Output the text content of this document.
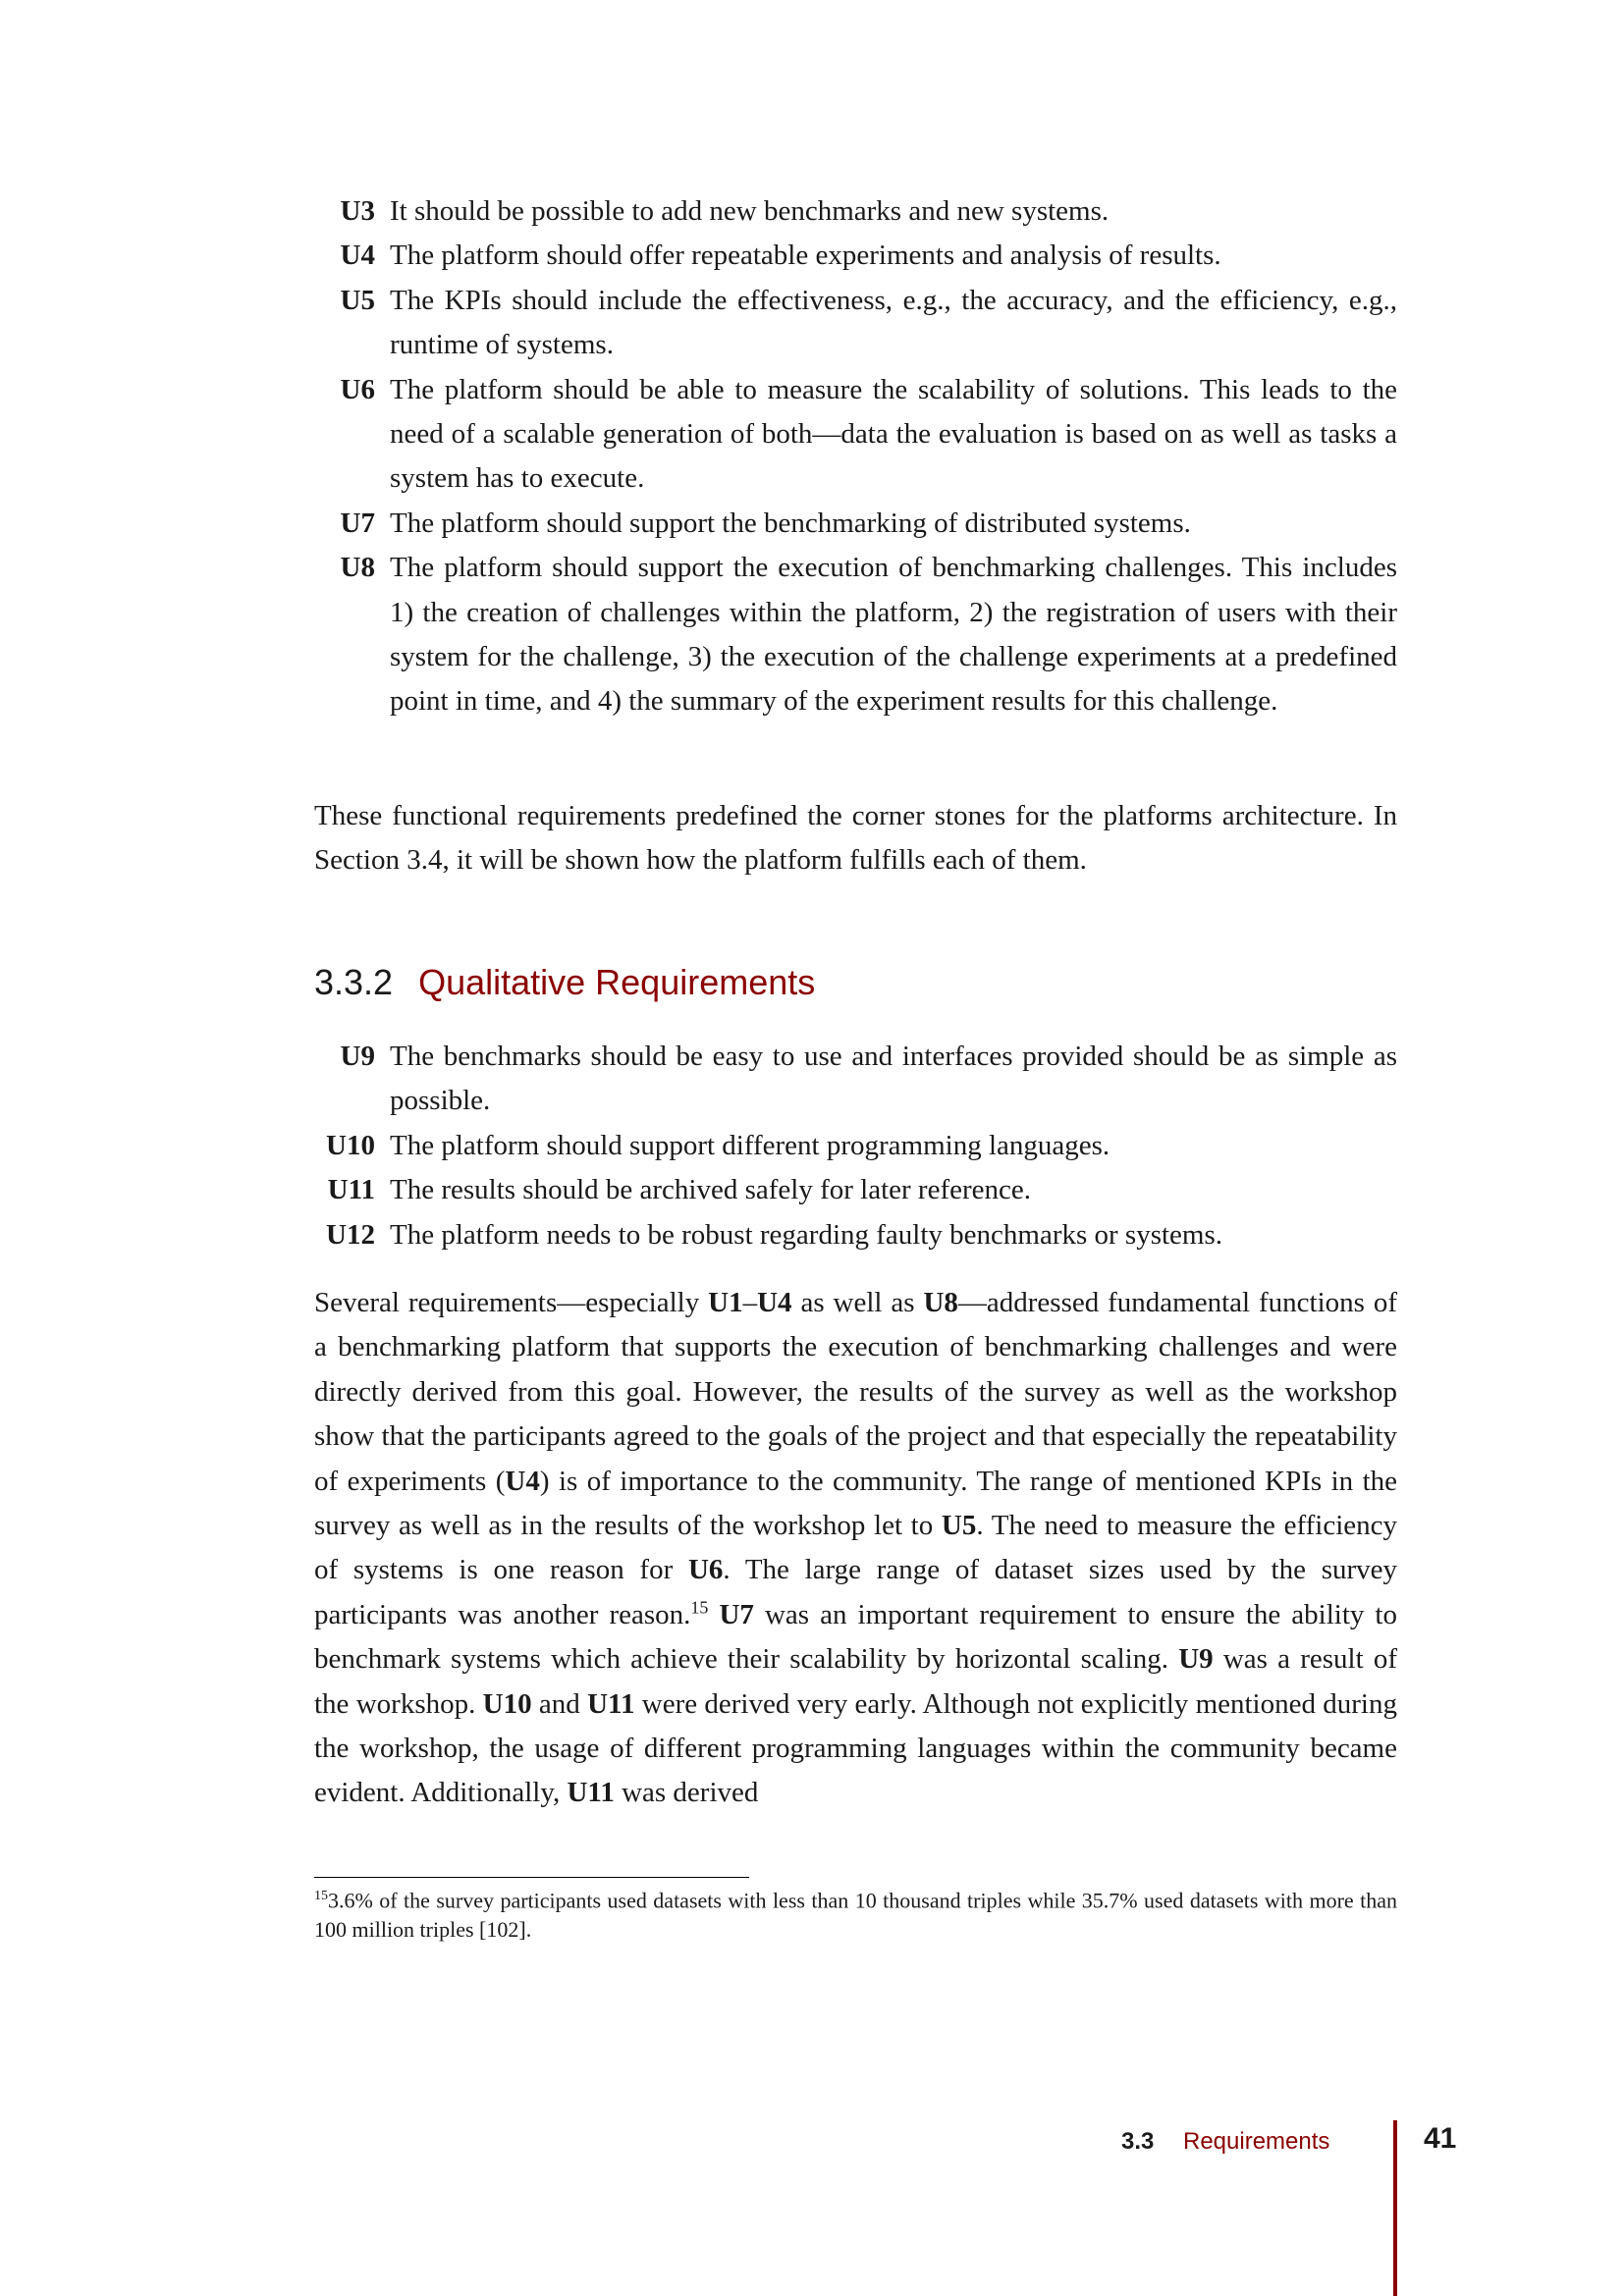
U3 It should be possible to add new benchmarks and new systems.
U4 The platform should offer repeatable experiments and analysis of results.
U5 The KPIs should include the effectiveness, e.g., the accuracy, and the efficiency, e.g., runtime of systems.
U6 The platform should be able to measure the scalability of solutions. This leads to the need of a scalable generation of both—data the evaluation is based on as well as tasks a system has to execute.
U7 The platform should support the benchmarking of distributed systems.
U8 The platform should support the execution of benchmarking challenges. This includes 1) the creation of challenges within the platform, 2) the registration of users with their system for the challenge, 3) the execution of the challenge experiments at a predefined point in time, and 4) the summary of the experiment results for this challenge.

These functional requirements predefined the corner stones for the platforms architecture. In Section 3.4, it will be shown how the platform fulfills each of them.

3.3.2 Qualitative Requirements
U9 The benchmarks should be easy to use and interfaces provided should be as simple as possible.
U10 The platform should support different programming languages.
U11 The results should be archived safely for later reference.
U12 The platform needs to be robust regarding faulty benchmarks or systems.

Several requirements—especially U1–U4 as well as U8—addressed fundamental functions of a benchmarking platform that supports the execution of benchmarking challenges and were directly derived from this goal. However, the results of the survey as well as the workshop show that the participants agreed to the goals of the project and that especially the repeatability of experiments (U4) is of importance to the community. The range of mentioned KPIs in the survey as well as in the results of the workshop let to U5. The need to measure the efficiency of systems is one reason for U6. The large range of dataset sizes used by the survey participants was another reason.$^{15}$ U7 was an important requirement to ensure the ability to benchmark systems which achieve their scalability by horizontal scaling. U9 was a result of the workshop. U10 and U11 were derived very early. Although not explicitly mentioned during the workshop, the usage of different programming languages within the community became evident. Additionally, U11 was derived

$^{15}$3.6% of the survey participants used datasets with less than 10 thousand triples while 35.7% used datasets with more than 100 million triples [102].
3.3 Requirements	41
